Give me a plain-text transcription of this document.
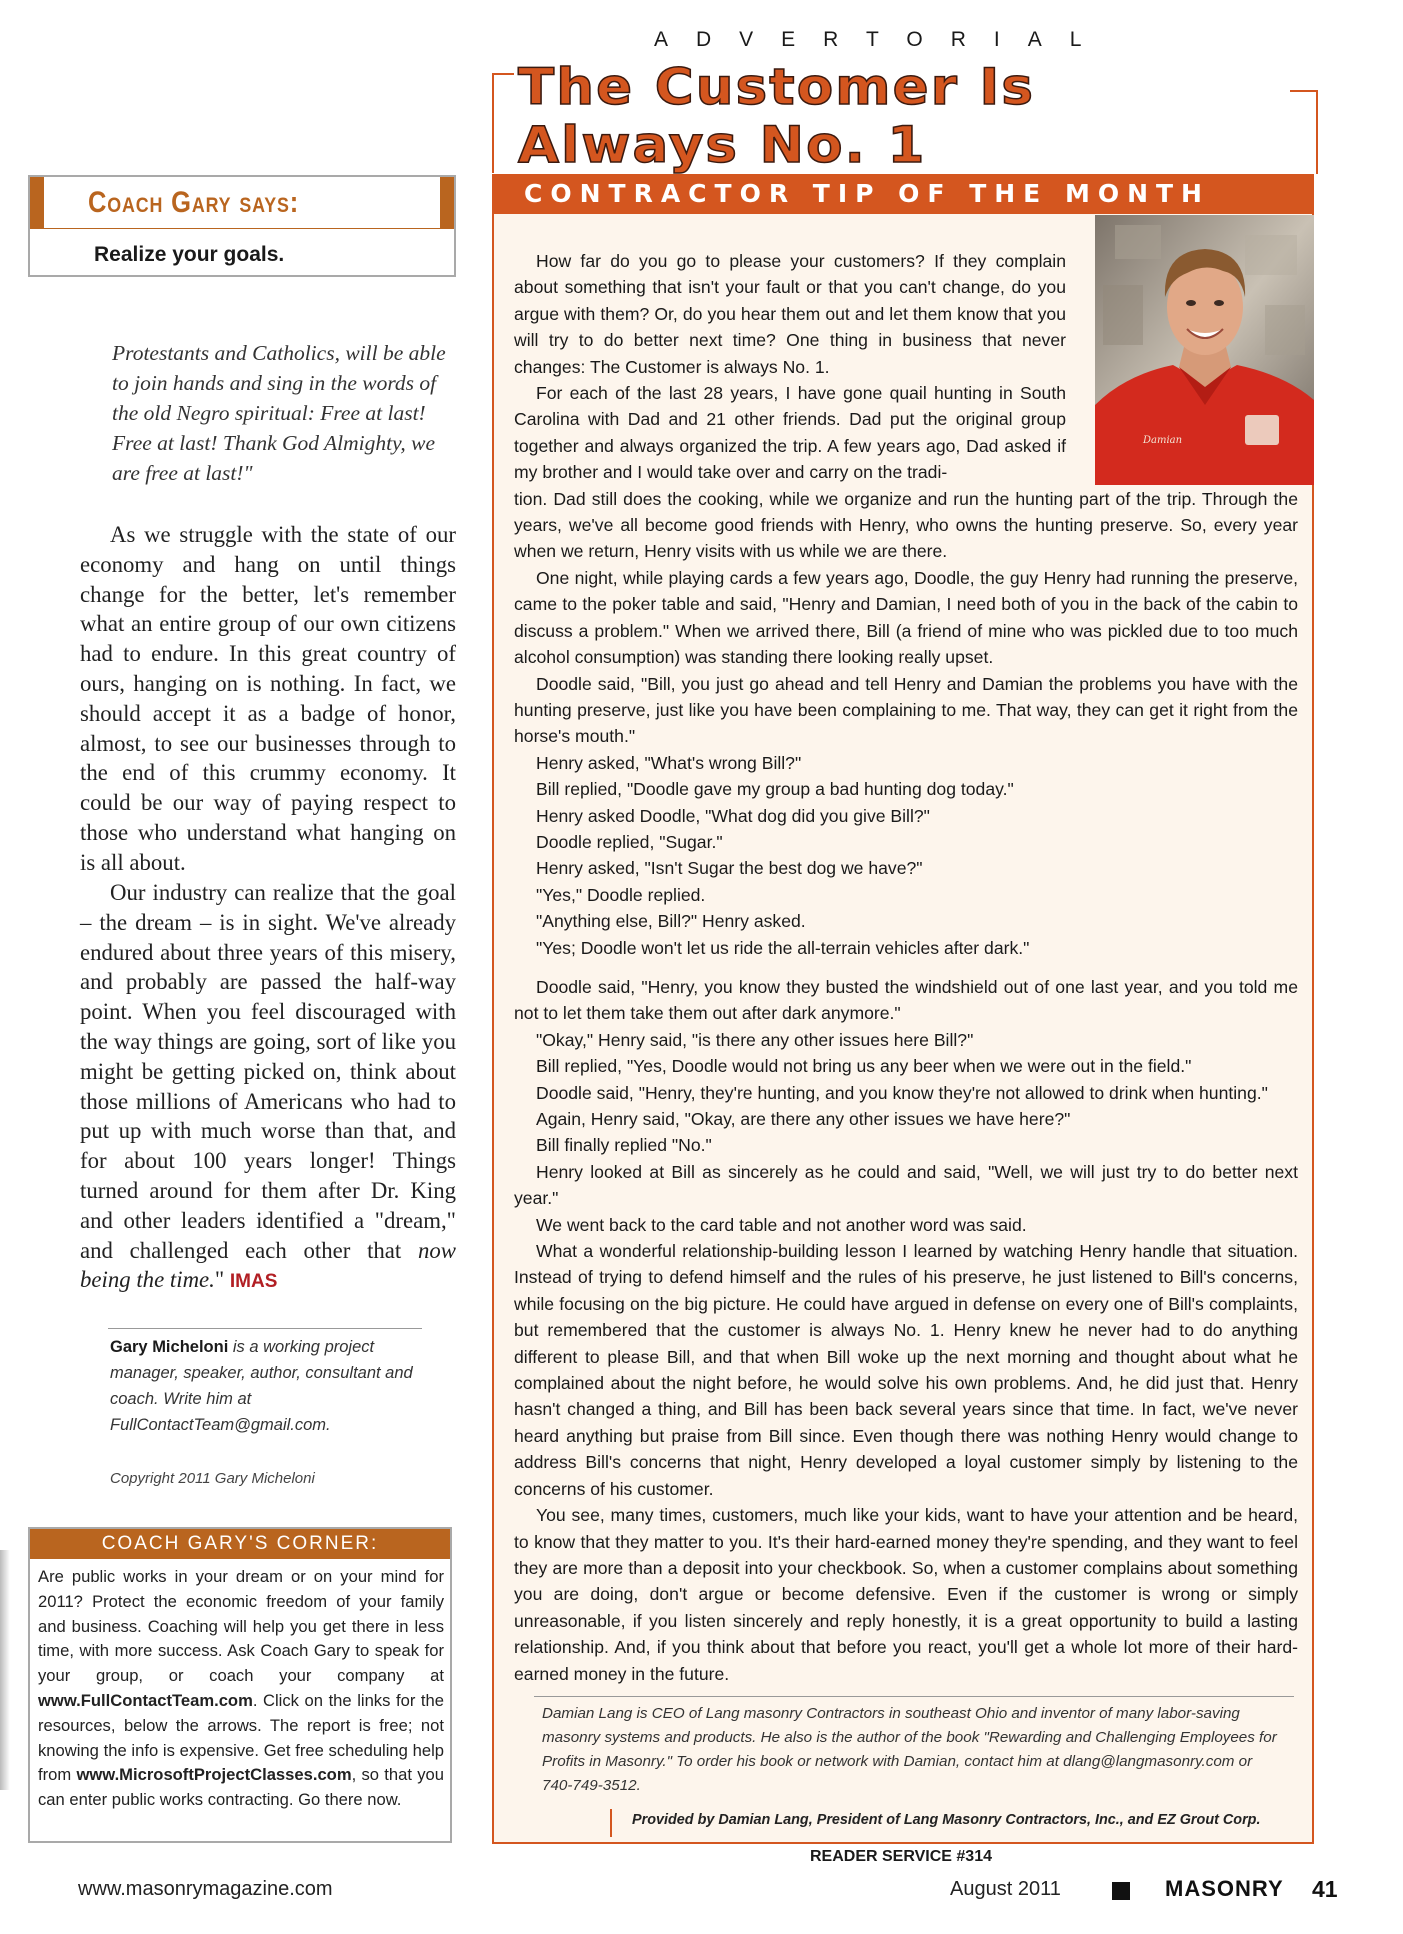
Coach Gary says:
Realize your goals.
Protestants and Catholics, will be able to join hands and sing in the words of the old Negro spiritual: Free at last! Free at last! Thank God Almighty, we are free at last!"

As we struggle with the state of our economy and hang on until things change for the better, let's remember what an entire group of our own citizens had to endure. In this great country of ours, hanging on is nothing. In fact, we should accept it as a badge of honor, almost, to see our businesses through to the end of this crummy economy. It could be our way of paying respect to those who understand what hanging on is all about.

Our industry can realize that the goal – the dream – is in sight. We've already endured about three years of this misery, and probably are passed the half-way point. When you feel discouraged with the way things are going, sort of like you might be getting picked on, think about those millions of Americans who had to put up with much worse than that, and for about 100 years longer! Things turned around for them after Dr. King and other leaders identified a "dream," and challenged each other that now being the time." IMAS

Gary Micheloni is a working project manager, speaker, author, consultant and coach. Write him at FullContactTeam@gmail.com.

Copyright 2011 Gary Micheloni

COACH GARY'S CORNER:

Are public works in your dream or on your mind for 2011? Protect the economic freedom of your family and business. Coaching will help you get there in less time, with more success. Ask Coach Gary to speak for your group, or coach your company at www.FullContactTeam.com. Click on the links for the resources, below the arrows. The report is free; not knowing the info is expensive. Get free scheduling help from www.MicrosoftProjectClasses.com, so that you can enter public works contracting. Go there now.

ADVERTORIAL
The Customer Is
Always No. 1
CONTRACTOR TIP OF THE MONTH
Damian

How far do you go to please your customers? If they complain about something that isn't your fault or that you can't change, do you argue with them? Or, do you hear them out and let them know that you will try to do better next time? One thing in business that never changes: The Customer is always No. 1.

For each of the last 28 years, I have gone quail hunting in South Carolina with Dad and 21 other friends. Dad put the original group together and always organized the trip. A few years ago, Dad asked if my brother and I would take over and carry on the tradi-

tion. Dad still does the cooking, while we organize and run the hunting part of the trip. Through the years, we've all become good friends with Henry, who owns the hunting preserve. So, every year when we return, Henry visits with us while we are there.

One night, while playing cards a few years ago, Doodle, the guy Henry had running the preserve, came to the poker table and said, "Henry and Damian, I need both of you in the back of the cabin to discuss a problem." When we arrived there, Bill (a friend of mine who was pickled due to too much alcohol consumption) was standing there looking really upset.

Doodle said, "Bill, you just go ahead and tell Henry and Damian the problems you have with the hunting preserve, just like you have been complaining to me. That way, they can get it right from the horse's mouth."

Henry asked, "What's wrong Bill?"

Bill replied, "Doodle gave my group a bad hunting dog today."

Henry asked Doodle, "What dog did you give Bill?"

Doodle replied, "Sugar."

Henry asked, "Isn't Sugar the best dog we have?"

"Yes," Doodle replied.

"Anything else, Bill?" Henry asked.

"Yes; Doodle won't let us ride the all-terrain vehicles after dark."

Doodle said, "Henry, you know they busted the windshield out of one last year, and you told me not to let them take them out after dark anymore."

"Okay," Henry said, "is there any other issues here Bill?"

Bill replied, "Yes, Doodle would not bring us any beer when we were out in the field."

Doodle said, "Henry, they're hunting, and you know they're not allowed to drink when hunting."

Again, Henry said, "Okay, are there any other issues we have here?"

Bill finally replied "No."

Henry looked at Bill as sincerely as he could and said, "Well, we will just try to do better next year."

We went back to the card table and not another word was said.

What a wonderful relationship-building lesson I learned by watching Henry handle that situation. Instead of trying to defend himself and the rules of his preserve, he just listened to Bill's concerns, while focusing on the big picture. He could have argued in defense on every one of Bill's complaints, but remembered that the customer is always No. 1. Henry knew he never had to do anything different to please Bill, and that when Bill woke up the next morning and thought about what he complained about the night before, he would solve his own problems. And, he did just that. Henry hasn't changed a thing, and Bill has been back several years since that time. In fact, we've never heard anything but praise from Bill since. Even though there was nothing Henry would change to address Bill's concerns that night, Henry developed a loyal customer simply by listening to the concerns of his customer.

You see, many times, customers, much like your kids, want to have your attention and be heard, to know that they matter to you. It's their hard-earned money they're spending, and they want to feel they are more than a deposit into your checkbook. So, when a customer complains about something you are doing, don't argue or become defensive. Even if the customer is wrong or simply unreasonable, if you listen sincerely and reply honestly, it is a great opportunity to build a lasting relationship. And, if you think about that before you react, you'll get a whole lot more of their hard-earned money in the future.

Damian Lang is CEO of Lang masonry Contractors in southeast Ohio and inventor of many labor-saving masonry systems and products. He also is the author of the book "Rewarding and Challenging Employees for Profits in Masonry." To order his book or network with Damian, contact him at dlang@langmasonry.com or 740-749-3512.

Provided by Damian Lang, President of Lang Masonry Contractors, Inc., and EZ Grout Corp.

READER SERVICE #314
www.masonrymagazine.com	August 2011	MASONRY 41
